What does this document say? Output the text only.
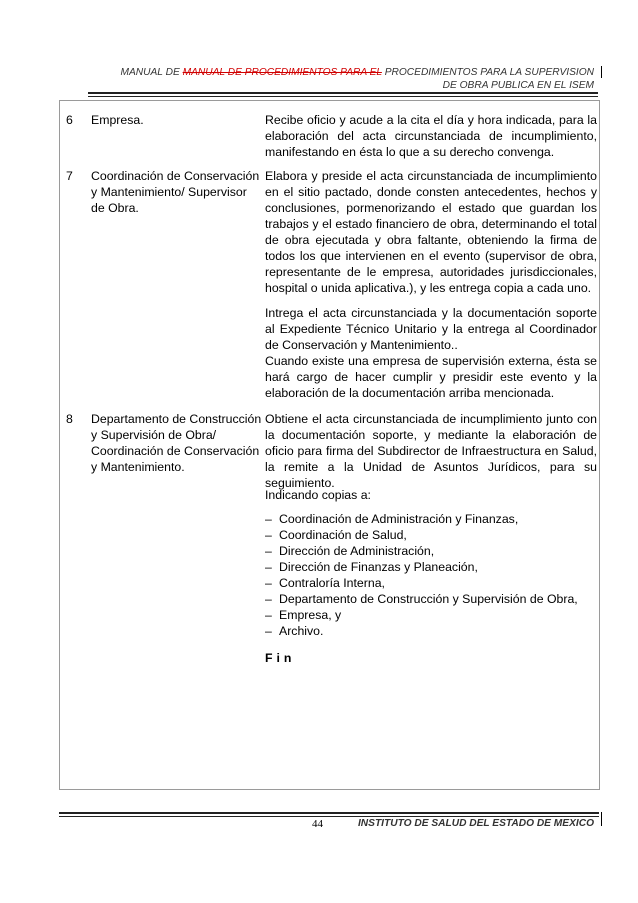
MANUAL DE MANUAL DE PROCEDIMIENTOS PARA EL PROCEDIMIENTOS PARA LA SUPERVISION
DE OBRA PUBLICA EN EL ISEM
6 Empresa.	Recibe oficio y acude a la cita el día y hora indicada, para la elaboración del acta circunstanciada de incumplimiento, manifestando en ésta lo que a su derecho convenga.

7 Coordinación de Conservación y Mantenimiento/ Supervisor de Obra.

Elabora y preside el acta circunstanciada de incumplimiento en el sitio pactado, donde consten antecedentes, hechos y conclusiones, pormenorizando el estado que guardan los trabajos y el estado financiero de obra, determinando el total de obra ejecutada y obra faltante, obteniendo la firma de todos los que intervienen en el evento (supervisor de obra, representante de le empresa, autoridades jurisdiccionales, hospital o unida aplicativa.), y les entrega copia a cada uno.

Intrega el acta circunstanciada y la documentación soporte al Expediente Técnico Unitario y la entrega al Coordinador de Conservación y Mantenimiento..

Cuando existe una empresa de supervisión externa, ésta se hará cargo de hacer cumplir y presidir este evento y la elaboración de la documentación arriba mencionada.

8 Departamento de Construcción y Supervisión de Obra/ Coordinación de Conservación y Mantenimiento.

Obtiene el acta circunstanciada de incumplimiento junto con la documentación soporte, y mediante la elaboración de oficio para firma del Subdirector de Infraestructura en Salud, la remite a la Unidad de Asuntos Jurídicos, para su seguimiento.

Indicando copias a:

– Coordinación de Administración y Finanzas,
– Coordinación de Salud,
– Dirección de Administración,
– Dirección de Finanzas y Planeación,
– Contraloría Interna,
– Departamento de Construcción y Supervisión de Obra,
– Empresa, y
– Archivo.
Fin
44	INSTITUTO DE SALUD DEL ESTADO DE MEXICO
